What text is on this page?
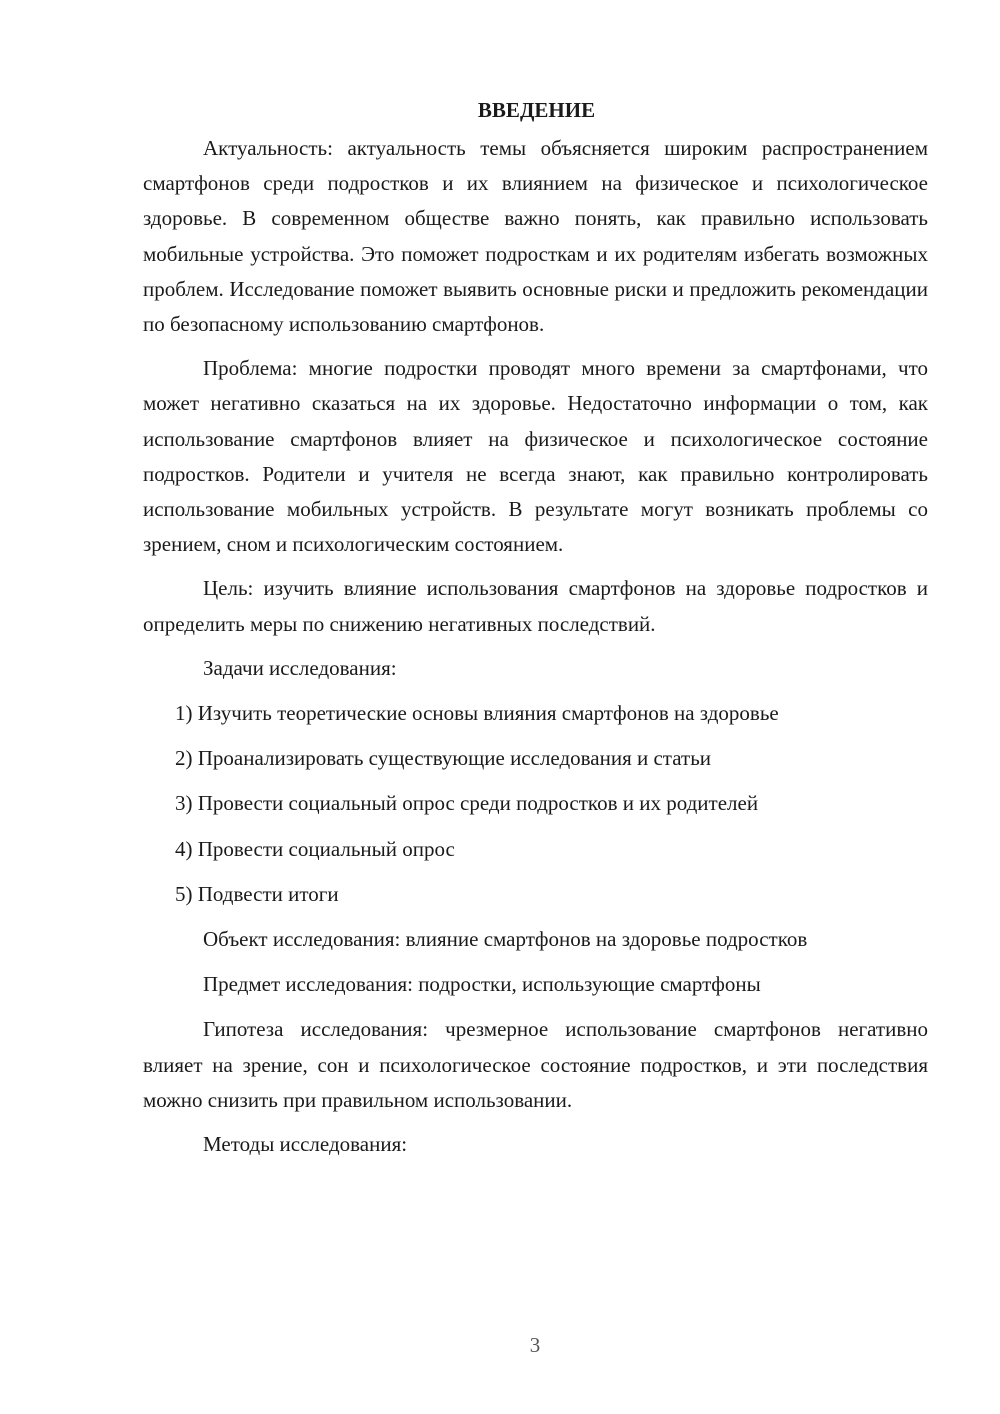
ВВЕДЕНИЕ

Актуальность: актуальность темы объясняется широким распространением смартфонов среди подростков и их влиянием на физическое и психологическое здоровье. В современном обществе важно понять, как правильно использовать мобильные устройства. Это поможет подросткам и их родителям избегать возможных проблем. Исследование поможет выявить основные риски и предложить рекомендации по безопасному использованию смартфонов.

Проблема: многие подростки проводят много времени за смартфонами, что может негативно сказаться на их здоровье. Недостаточно информации о том, как использование смартфонов влияет на физическое и психологическое состояние подростков. Родители и учителя не всегда знают, как правильно контролировать использование мобильных устройств. В результате могут возникать проблемы со зрением, сном и психологическим состоянием.

Цель: изучить влияние использования смартфонов на здоровье подростков и определить меры по снижению негативных последствий.

Задачи исследования:

1) Изучить теоретические основы влияния смартфонов на здоровье
2) Проанализировать существующие исследования и статьи
3) Провести социальный опрос среди подростков и их родителей
4) Провести социальный опрос
5) Подвести итоги

Объект исследования: влияние смартфонов на здоровье подростков

Предмет исследования: подростки, использующие смартфоны

Гипотеза исследования: чрезмерное использование смартфонов негативно влияет на зрение, сон и психологическое состояние подростков, и эти последствия можно снизить при правильном использовании.

Методы исследования:

3
